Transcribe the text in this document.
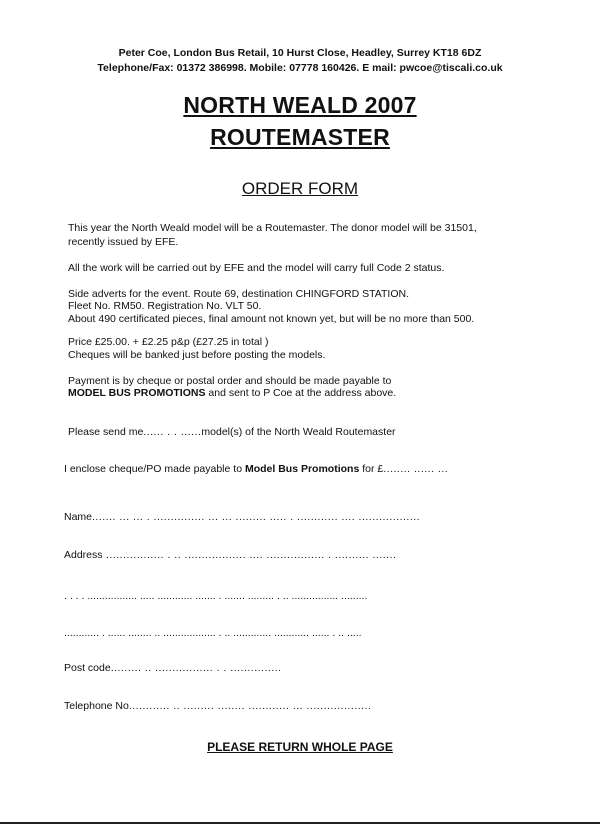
Peter Coe, London Bus Retail, 10 Hurst Close, Headley, Surrey KT18 6DZ
Telephone/Fax: 01372 386998. Mobile: 07778 160426. E mail: pwcoe@tiscali.co.uk
NORTH WEALD 2007
ROUTEMASTER
ORDER FORM
This year the North Weald model will be a Routemaster. The donor model will be 31501,
recently issued by EFE.
All the work will be carried out by EFE and the model will carry full Code 2 status.
Side adverts for the event. Route 69, destination CHINGFORD STATION.
Fleet No. RM50. Registration No. VLT 50.
About 490 certificated pieces, final amount not known yet, but will be no more than 500.
Price £25.00. + £2.25 p&p (£27.25 in total )
Cheques will be banked just before posting the models.
Payment is by cheque or postal order and should be made payable to
MODEL BUS PROMOTIONS and sent to P Coe at the address above.
Please send me...... . . ......model(s) of the North Weald Routemaster
I enclose cheque/PO made payable to Model Bus Promotions for £........ ...... ...
Name....... ... ... . ............... ... ... ......... ..... . ............ .... ..................
Address ................. . .. .................. .... ................. . .......... .......
. . . . ................. ..... ............ ....... . ....... ......... . .. ................ .........
............ . ...... ........ .. .................. . .. ............. ............ ...... . .. .....
Post code......... .. ................. . . ...............
Telephone No............ .. ......... ........ ............ ... ...................
PLEASE RETURN WHOLE PAGE
